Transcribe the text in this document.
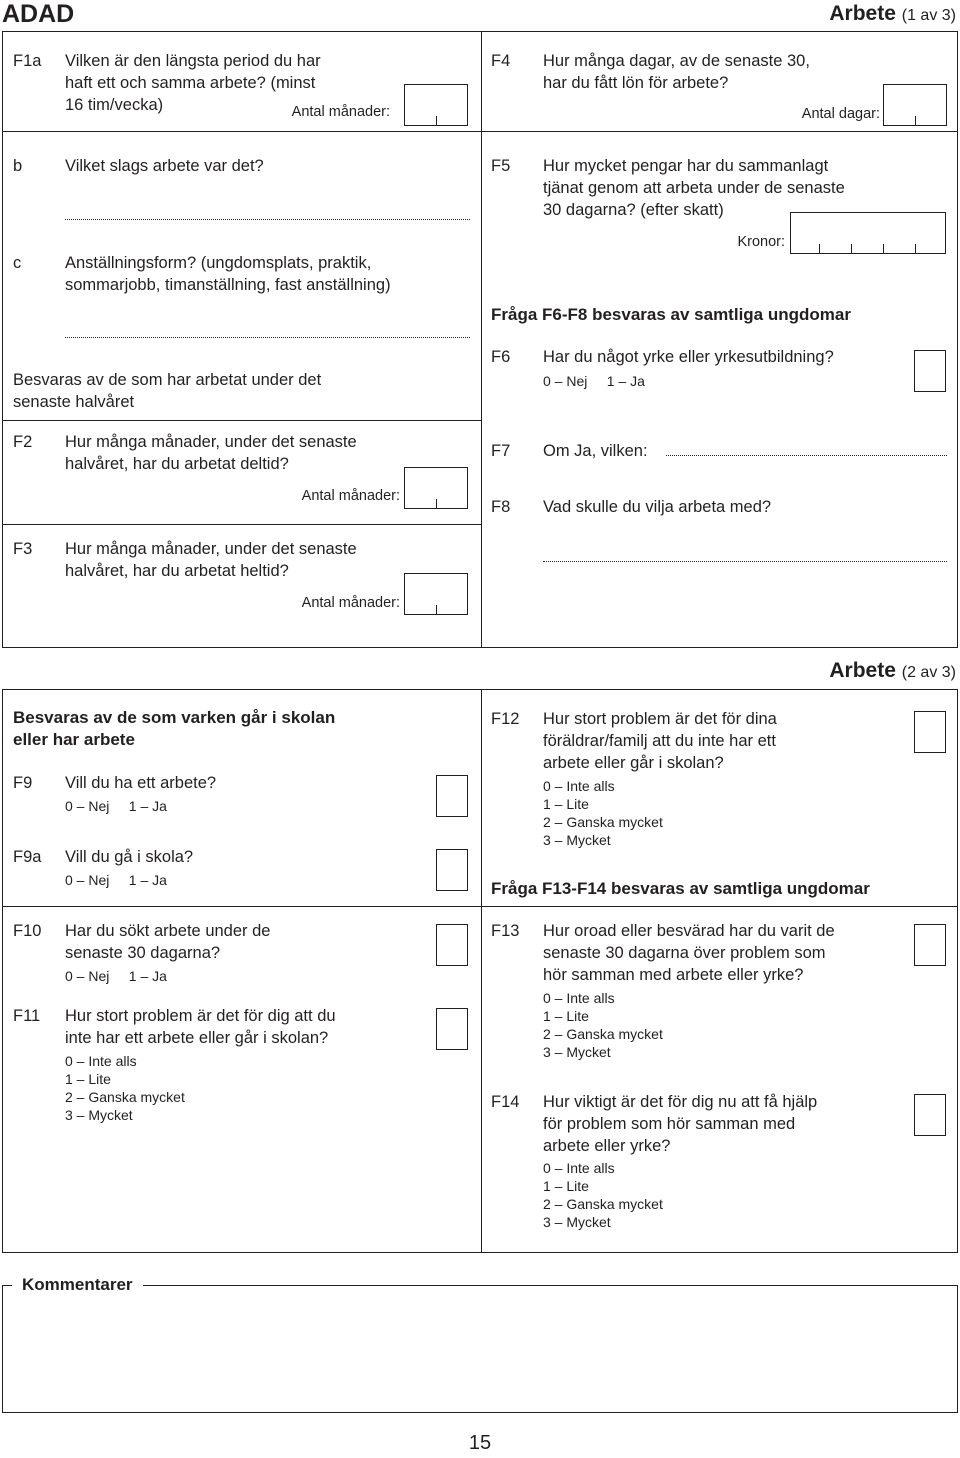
ADAD	Arbete (1 av 3)
F1a	Vilken är den längsta period du har
haft ett och samma arbete? (minst
16 tim/vecka)	Antal månader:
b	Vilket slags arbete var det?
c	Anställningsform? (ungdomsplats, praktik,
sommarjobb, timanställning, fast anställning)
Besvaras av de som har arbetat under det
senaste halvåret
F2	Hur många månader, under det senaste
halvåret, har du arbetat deltid?
Antal månader:
F3	Hur många månader, under det senaste
halvåret, har du arbetat heltid?
Antal månader:
F4	Hur många dagar, av de senaste 30,
har du fått lön för arbete?
Antal dagar:
F5	Hur mycket pengar har du sammanlagt
tjänat genom att arbeta under de senaste
30 dagarna? (efter skatt)
Kronor:
Fråga F6-F8 besvaras av samtliga ungdomar
F6	Har du något yrke eller yrkesutbildning?
0 – Nej     1 – Ja
F7	Om Ja, vilken:
F8	Vad skulle du vilja arbeta med?
Arbete (2 av 3)
Besvaras av de som varken går i skolan
eller har arbete
F9	Vill du ha ett arbete?
0 – Nej     1 – Ja
F9a	Vill du gå i skola?
0 – Nej     1 – Ja
F10	Har du sökt arbete under de
senaste 30 dagarna?
0 – Nej     1 – Ja
F11	Hur stort problem är det för dig att du
inte har ett arbete eller går i skolan?
0 – Inte alls
1 – Lite
2 – Ganska mycket
3 – Mycket
F12	Hur stort problem är det för dina
föräldrar/familj att du inte har ett
arbete eller går i skolan?
0 – Inte alls
1 – Lite
2 – Ganska mycket
3 – Mycket
Fråga F13-F14 besvaras av samtliga ungdomar
F13	Hur oroad eller besvärad har du varit de
senaste 30 dagarna över problem som
hör samman med arbete eller yrke?
0 – Inte alls
1 – Lite
2 – Ganska mycket
3 – Mycket
F14	Hur viktigt är det för dig nu att få hjälp
för problem som hör samman med
arbete eller yrke?
0 – Inte alls
1 – Lite
2 – Ganska mycket
3 – Mycket
Kommentarer
15
